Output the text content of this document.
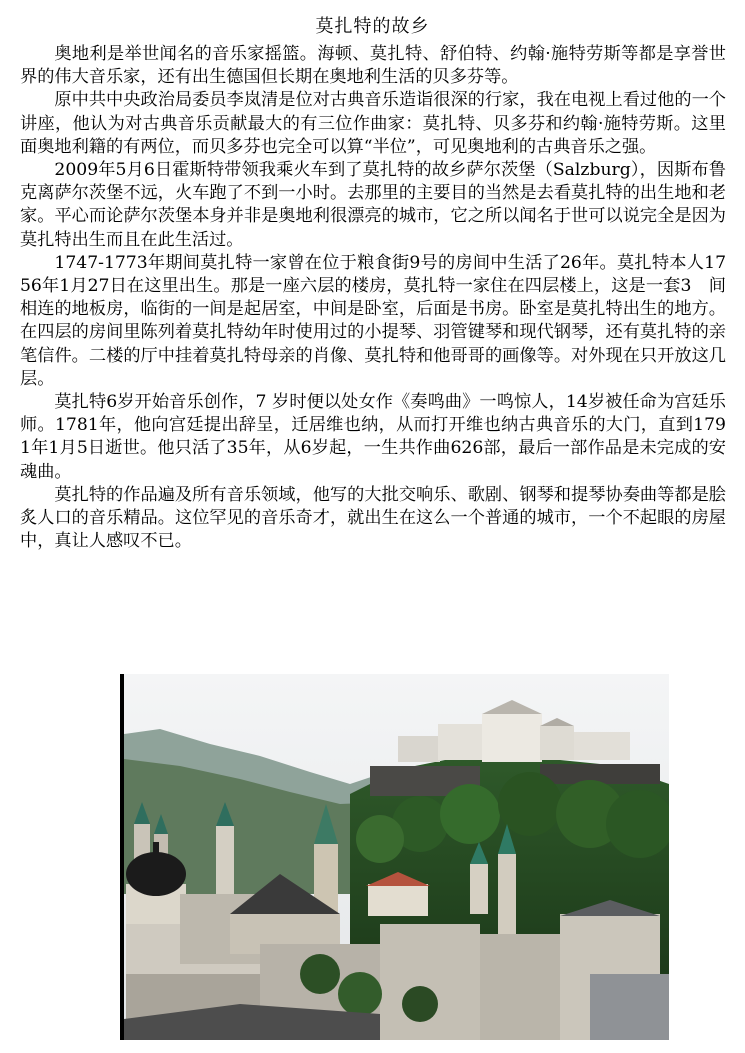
莫扎特的故乡

奥地利是举世闻名的音乐家摇篮。海顿、莫扎特、舒伯特、约翰·施特劳斯等都是享誉世界的伟大音乐家，还有出生德国但长期在奥地利生活的贝多芬等。

原中共中央政治局委员李岚清是位对古典音乐造诣很深的行家，我在电视上看过他的一个讲座，他认为对古典音乐贡献最大的有三位作曲家：莫扎特、贝多芬和约翰·施特劳斯。这里面奥地利籍的有两位，而贝多芬也完全可以算“半位”，可见奥地利的古典音乐之强。

2009年5月6日霍斯特带领我乘火车到了莫扎特的故乡萨尔茨堡（Salzburg），因斯布鲁克离萨尔茨堡不远，火车跑了不到一小时。去那里的主要目的当然是去看莫扎特的出生地和老家。平心而论萨尔茨堡本身并非是奥地利很漂亮的城市，它之所以闻名于世可以说完全是因为莫扎特出生而且在此生活过。

1747-1773年期间莫扎特一家曾在位于粮食街9号的房间中生活了26年。莫扎特本人1756年1月27日在这里出生。那是一座六层的楼房，莫扎特一家住在四层楼上，这是一套3　间相连的地板房，临街的一间是起居室，中间是卧室，后面是书房。卧室是莫扎特出生的地方。在四层的房间里陈列着莫扎特幼年时使用过的小提琴、羽管键琴和现代钢琴，还有莫扎特的亲笔信件。二楼的厅中挂着莫扎特母亲的肖像、莫扎特和他哥哥的画像等。对外现在只开放这几层。

莫扎特6岁开始音乐创作，7 岁时便以处女作《奏鸣曲》一鸣惊人，14岁被任命为宫廷乐师。1781年，他向宫廷提出辞呈，迁居维也纳，从而打开维也纳古典音乐的大门，直到1791年1月5日逝世。他只活了35年，从6岁起，一生共作曲626部，最后一部作品是未完成的安魂曲。

莫扎特的作品遍及所有音乐领域，他写的大批交响乐、歌剧、钢琴和提琴协奏曲等都是脍炙人口的音乐精品。这位罕见的音乐奇才，就出生在这么一个普通的城市，一个不起眼的房屋中，真让人感叹不已。
